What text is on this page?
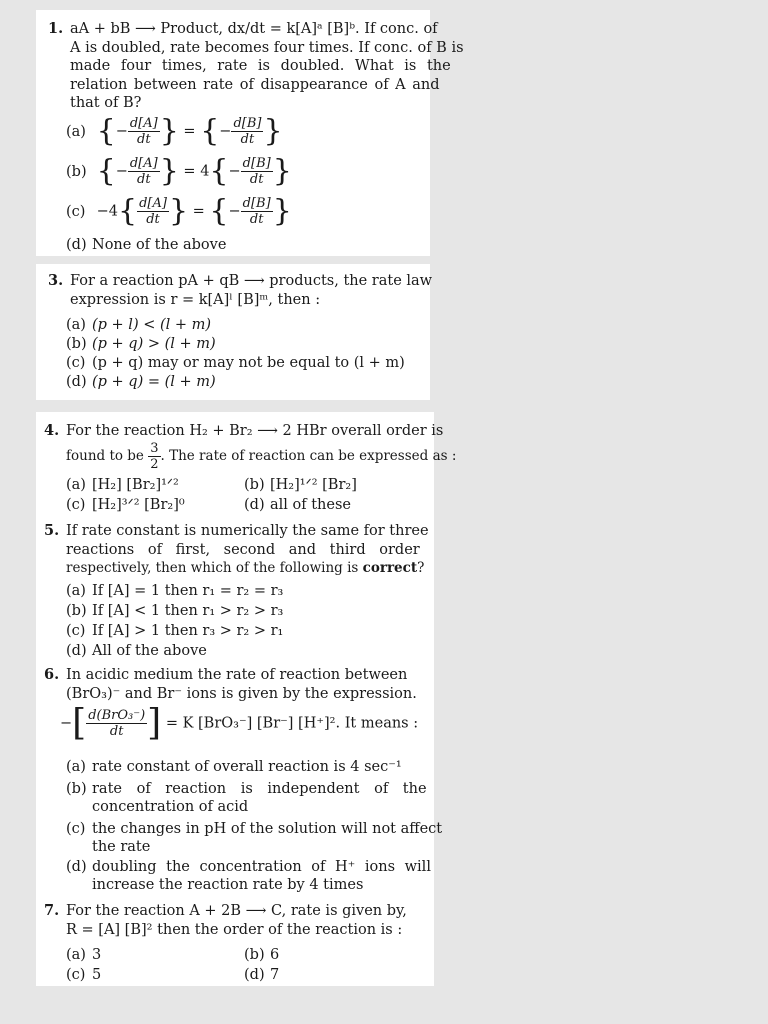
1. aA + bB ⟶ Product, dx/dt = k[A]ᵃ [B]ᵇ. If conc. of
A is doubled, rate becomes four times. If conc. of B is
made four times, rate is doubled. What is the
relation between rate of disappearance of A and
that of B?
(a) {− $\frac{d[A]}{dt}$ } = {− $\frac{d[B]}{dt}$ }
(b) {− $\frac{d[A]}{dt}$ } = $4\{- \frac{d[B]}{dt}$ }
$(c) -4\{ \frac{d[A]}{dt}$ } = {− $\frac{d[B]}{dt}$ }
(d) None of the above
3. For a reaction pA + qB ⟶ products, the rate law
expression is r = k[A]ˡ [B]ᵐ, then :
(a) (p + l) < (l + m)
(b) (p + q) > (l + m)
(c) (p + q) may or may not be equal to (l + m)
(d) (p + q) = (l + m)
4. For the reaction H₂ + Br₂ ⟶ 2 HBr overall order is
found to be $\frac{3}{2}$ . The rate of reaction can be expressed as :
(a) [H₂] [Br₂]¹ᐟ²	(b) [H₂]¹ᐟ² [Br₂]
(c) [H₂]³ᐟ² [Br₂]⁰	(d) all of these
5. If rate constant is numerically the same for three
reactions of first, second and third order
respectively, then which of the following is correct?
(a) If [A] = 1 then r₁ = r₂ = r₃
(b) If [A] < 1 then r₁ > r₂ > r₃
(c) If [A] > 1 then r₃ > r₂ > r₁
(d) All of the above
6. In acidic medium the rate of reaction between
(BrO₃)⁻ and Br⁻ ions is given by the expression.
−[ $\frac{\text{d(BrO₃⁻)}}{dt}$ ] = K [BrO₃⁻] [Br⁻] [H⁺]². It means :
(a) rate constant of overall reaction is 4 sec⁻¹
(b) rate of reaction is independent of the
concentration of acid
(c) the changes in pH of the solution will not affect
the rate
(d) doubling the concentration of H⁺ ions will
increase the reaction rate by 4 times
7. For the reaction A + 2B ⟶ C, rate is given by,
R = [A] [B]² then the order of the reaction is :
(a) 3	(b) 6
(c) 5	(d) 7
